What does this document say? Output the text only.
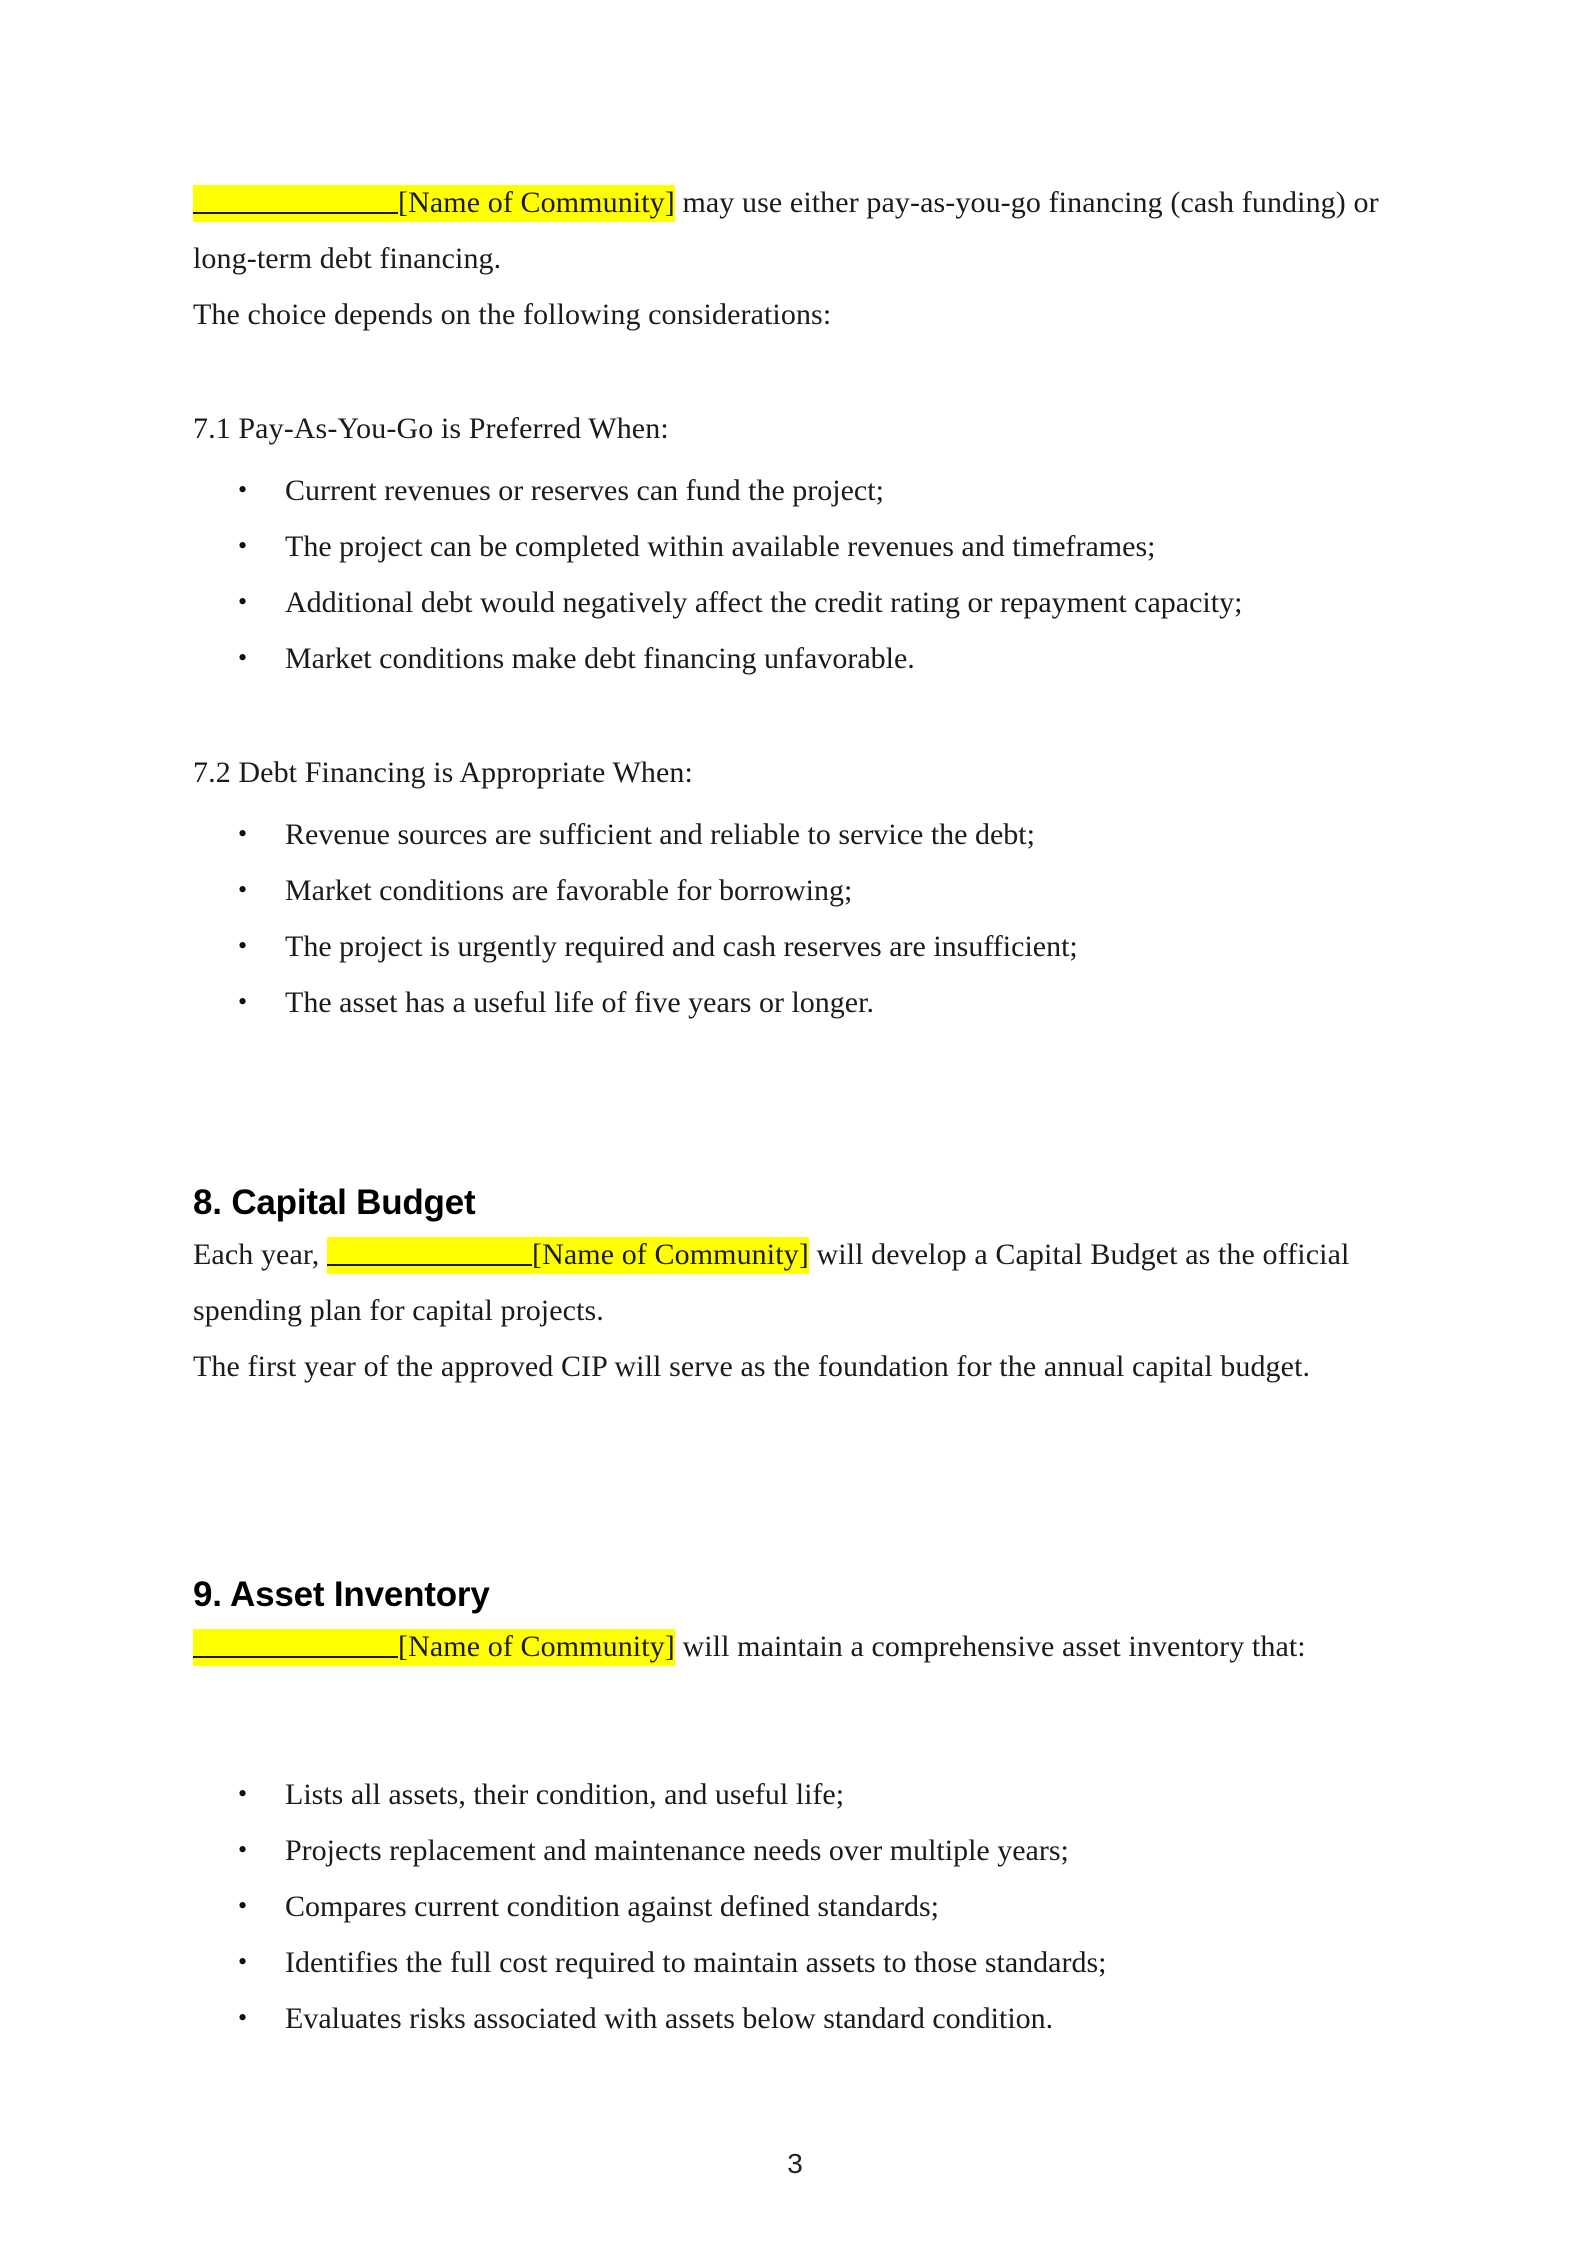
[Name of Community] may use either pay‐as‐you‐go financing (cash funding) or long‐term debt financing.

The choice depends on the following considerations:

7.1 Pay‐As‐You‐Go is Preferred When:

• Current revenues or reserves can fund the project;
• The project can be completed within available revenues and timeframes;
• Additional debt would negatively affect the credit rating or repayment capacity;
• Market conditions make debt financing unfavorable.

7.2 Debt Financing is Appropriate When:

• Revenue sources are sufficient and reliable to service the debt;
• Market conditions are favorable for borrowing;
• The project is urgently required and cash reserves are insufficient;
• The asset has a useful life of five years or longer.
8. Capital Budget

Each year,	[Name of Community] will develop a Capital Budget as the official spending plan for capital projects.

The first year of the approved CIP will serve as the foundation for the annual capital budget.

9. Asset Inventory

[Name of Community] will maintain a comprehensive asset inventory that:

• Lists all assets, their condition, and useful life;
• Projects replacement and maintenance needs over multiple years;
• Compares current condition against defined standards;
• Identifies the full cost required to maintain assets to those standards;
• Evaluates risks associated with assets below standard condition.
3
